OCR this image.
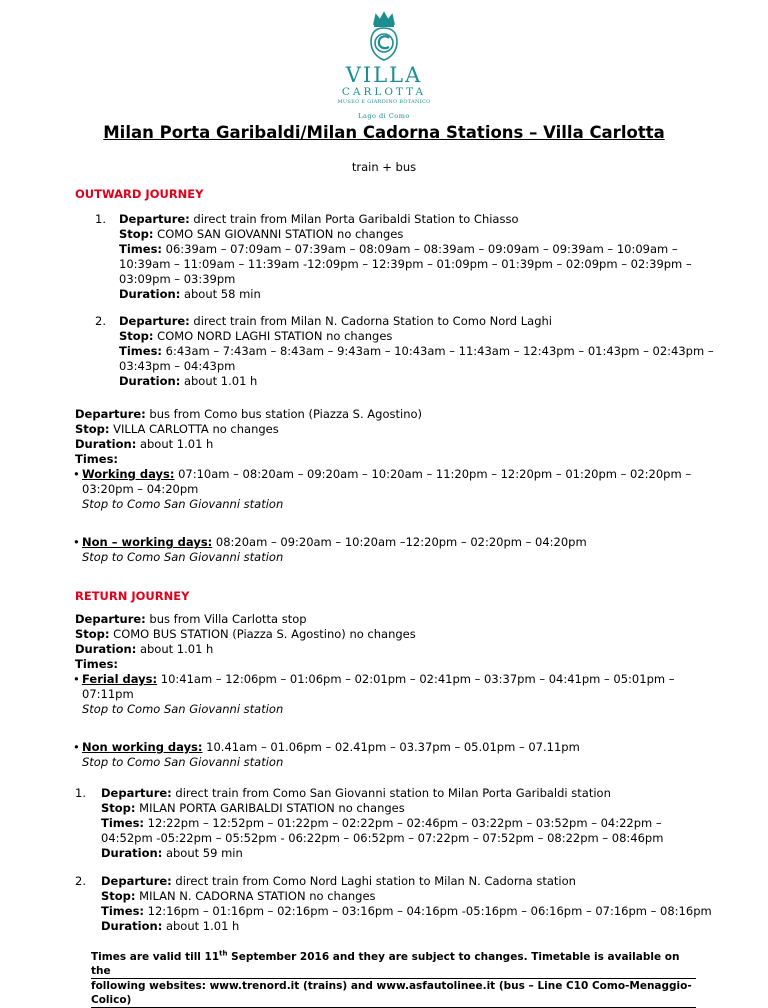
VILLA
CARLOTTA
MUSEO E GIARDINO BOTANICO
Lago di Como
Milan Porta Garibaldi/Milan Cadorna Stations – Villa Carlotta
train + bus
OUTWARD JOURNEY
1. Departure: direct train from Milan Porta Garibaldi Station to Chiasso
Stop: COMO SAN GIOVANNI STATION no changes
Times: 06:39am – 07:09am – 07:39am – 08:09am – 08:39am – 09:09am – 09:39am – 10:09am – 10:39am – 11:09am – 11:39am -12:09pm – 12:39pm – 01:09pm – 01:39pm – 02:09pm – 02:39pm – 03:09pm – 03:39pm
Duration: about 58 min
2. Departure: direct train from Milan N. Cadorna Station to Como Nord Laghi
Stop: COMO NORD LAGHI STATION no changes
Times: 6:43am – 7:43am – 8:43am – 9:43am – 10:43am – 11:43am – 12:43pm – 01:43pm – 02:43pm – 03:43pm – 04:43pm
Duration: about 1.01 h
Departure: bus from Como bus station (Piazza S. Agostino)
Stop: VILLA CARLOTTA no changes
Duration: about 1.01 h
Times:
• Working days: 07:10am – 08:20am – 09:20am – 10:20am – 11:20pm – 12:20pm – 01:20pm – 02:20pm – 03:20pm – 04:20pm
Stop to Como San Giovanni station
• Non – working days: 08:20am – 09:20am – 10:20am –12:20pm – 02:20pm – 04:20pm
Stop to Como San Giovanni station
RETURN JOURNEY
Departure: bus from Villa Carlotta stop
Stop: COMO BUS STATION (Piazza S. Agostino) no changes
Duration: about 1.01 h
Times:
• Ferial days: 10:41am – 12:06pm – 01:06pm – 02:01pm – 02:41pm – 03:37pm – 04:41pm – 05:01pm – 07:11pm
Stop to Como San Giovanni station
• Non working days: 10.41am – 01.06pm – 02.41pm – 03.37pm – 05.01pm – 07.11pm
Stop to Como San Giovanni station
1. Departure: direct train from Como San Giovanni station to Milan Porta Garibaldi station
Stop: MILAN PORTA GARIBALDI STATION no changes
Times: 12:22pm – 12:52pm – 01:22pm – 02:22pm – 02:46pm – 03:22pm – 03:52pm – 04:22pm – 04:52pm -05:22pm – 05:52pm - 06:22pm – 06:52pm – 07:22pm – 07:52pm – 08:22pm – 08:46pm
Duration: about 59 min
2. Departure: direct train from Como Nord Laghi station to Milan N. Cadorna station
Stop: MILAN N. CADORNA STATION no changes
Times: 12:16pm – 01:16pm – 02:16pm – 03:16pm – 04:16pm -05:16pm – 06:16pm – 07:16pm – 08:16pm
Duration: about 1.01 h
Times are valid till 11th September 2016 and they are subject to changes. Timetable is available on the
following websites: www.trenord.it (trains) and www.asfautolinee.it (bus – Line C10 Como-Menaggio-Colico)
